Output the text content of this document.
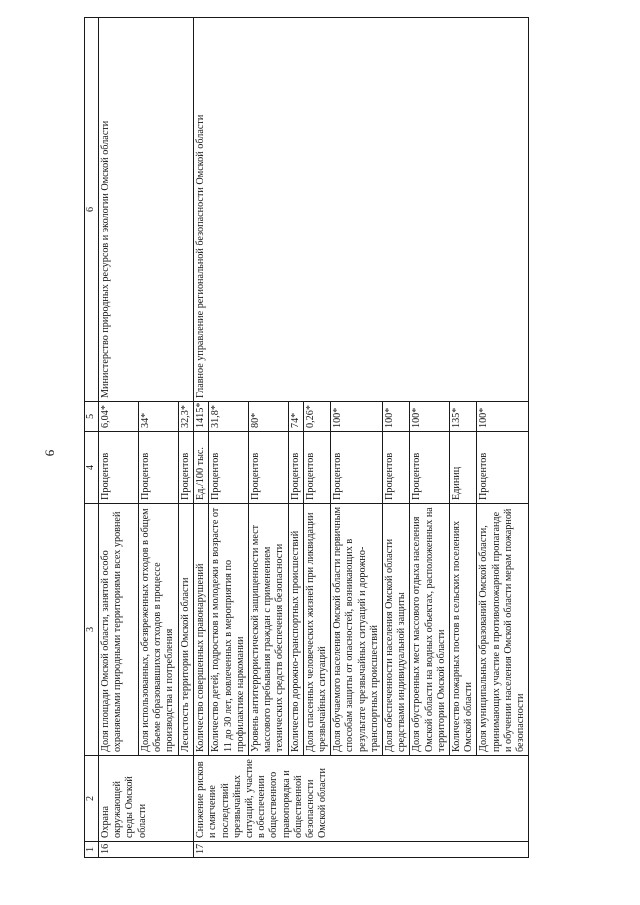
9
1	2	3	4	5	6
16	Охрана окружающей среды Омской области	Доля площади Омской области, занятой особо охраняемыми природными территориями всех уровней	Процентов	6,04*	Министерство природных ресурсов и экологии Омской области
		Доля использованных, обезвреженных отходов в общем объеме образовавшихся отходов в процессе производства и потребления	Процентов	34*	
		Лесистость территории Омской области	Процентов	32,3*	
17	Снижение рисков и смягчение последствий чрезвычайных ситуаций, участие в обеспечении общественного правопорядка и общественной безопасности Омской области	Количество совершенных правонарушений	Ед./100 тыс.	1415*	Главное управление региональной безопасности Омской области
		Количество детей, подростков и молодежи в возрасте от 11 до 30 лет, вовлеченных в мероприятия по профилактике наркомании	Процентов	31,8*	
		Уровень антитеррористической защищенности мест массового пребывания граждан с применением технических средств обеспечения безопасности	Процентов	80*	
		Количество дорожно-транспортных происшествий	Процентов	74*	
		Доля спасенных человеческих жизней при ликвидации чрезвычайных ситуаций	Процентов	0,26*	
		Доля обучаемого населения Омской области первичным способам защиты от опасностей, возникающих в результате чрезвычайных ситуаций и дорожно-транспортных происшествий	Процентов	100*	
		Доля обеспеченности населения Омской области средствами индивидуальной защиты	Процентов	100*	
		Доля обустроенных мест массового отдыха населения Омской области на водных объектах, расположенных на территории Омской области	Процентов	100*	
		Количество пожарных постов в сельских поселениях Омской области	Единиц	135*	
		Доля муниципальных образований Омской области, принимающих участие в противопожарной пропаганде и обучении населения Омской области мерам пожарной безопасности	Процентов	100*	
